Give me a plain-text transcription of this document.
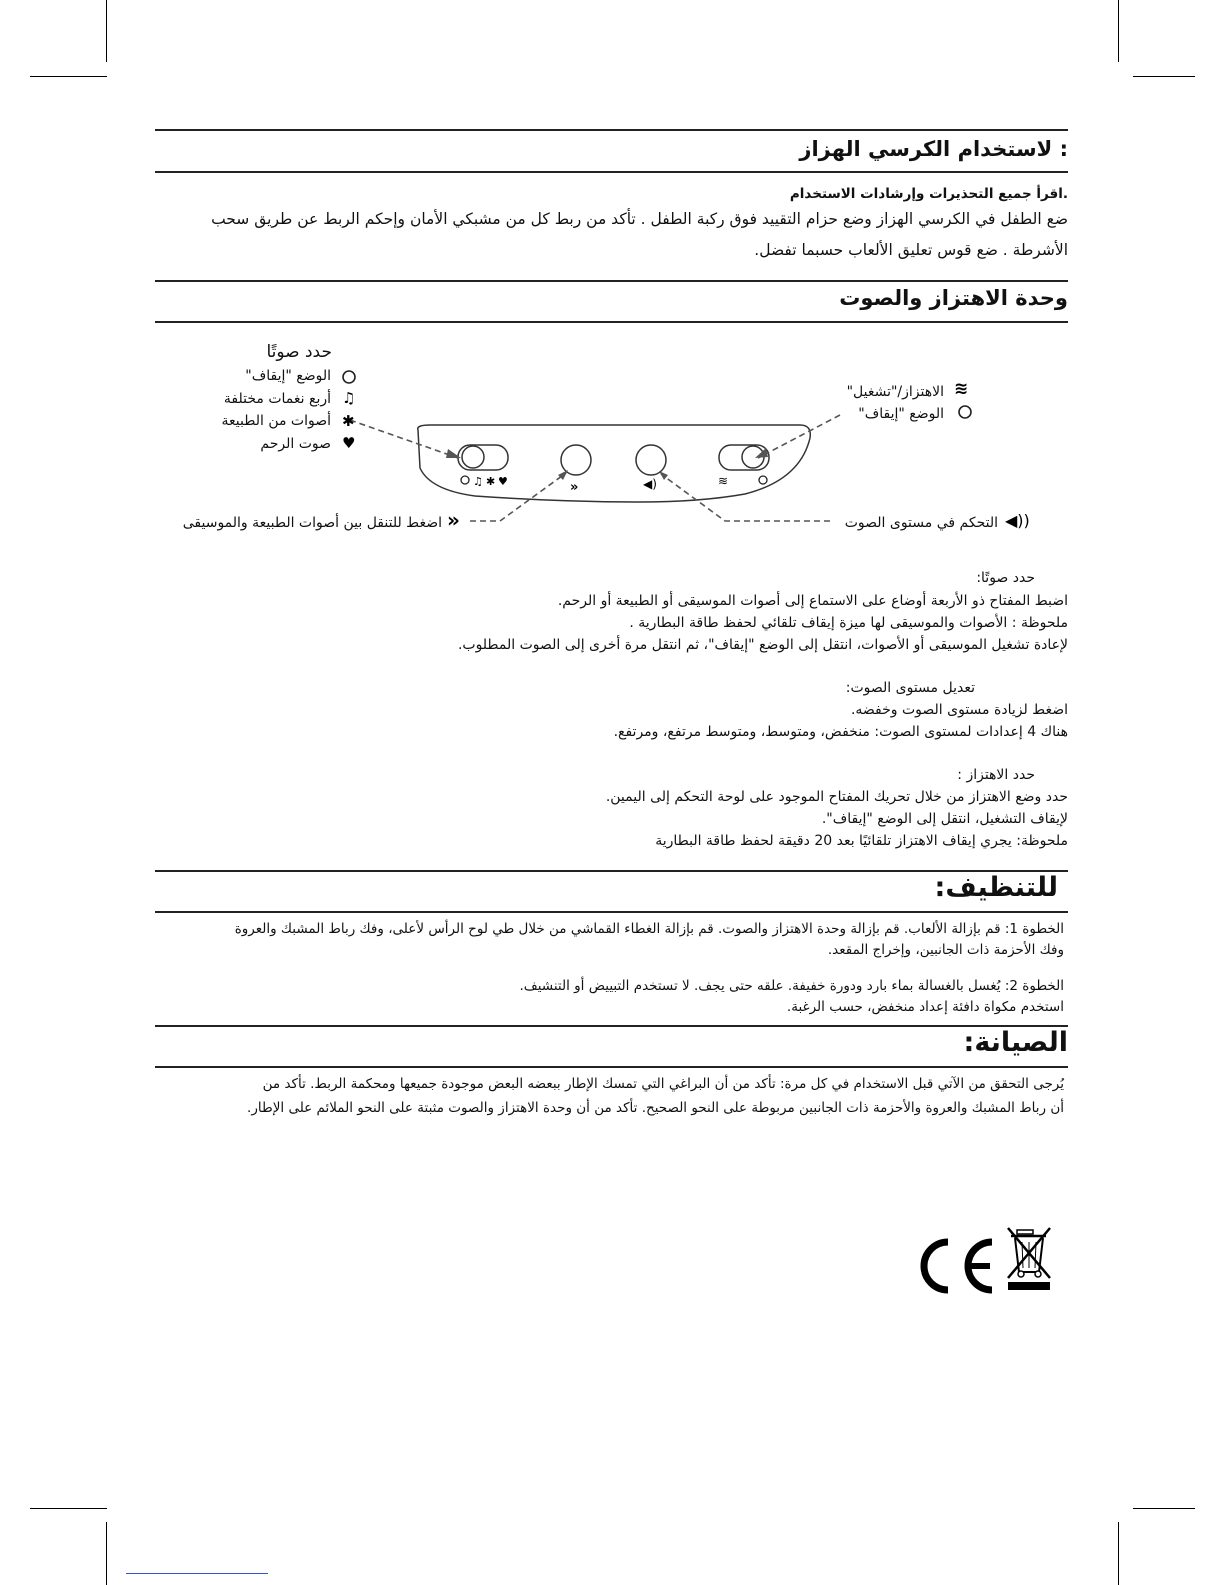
: لاستخدام الكرسي الهزاز
.اقرأ جميع التحذيرات وإرشادات الاستخدام
ضع الطفل في الكرسي الهزاز وضع حزام التقييد فوق ركبة الطفل . تأكد من ربط كل من مشبكي الأمان وإحكم الربط عن طريق سحب
الأشرطة . ضع قوس تعليق الألعاب حسبما تفضل.
وحدة الاهتزاز والصوت
♫ ✱ ♥	»	◀)	≋
♫
✱
♥
≋
»	◀))
حدد صوتًا
الوضع "إيقاف"
أربع نغمات مختلفة
أصوات من الطبيعة
صوت الرحم
الاهتزاز/"تشغيل"
الوضع "إيقاف"
اضغط للتنقل بين أصوات الطبيعة والموسيقى	التحكم في مستوى الصوت
حدد صوتًا:
اضبط المفتاح ذو الأربعة أوضاع على الاستماع إلى أصوات الموسيقى أو الطبيعة أو الرحم.
ملحوظة : الأصوات والموسيقى لها ميزة إيقاف تلقائي لحفظ طاقة البطارية .
لإعادة تشغيل الموسيقى أو الأصوات، انتقل إلى الوضع "إيقاف"، ثم انتقل مرة أخرى إلى الصوت المطلوب.
تعديل مستوى الصوت:
اضغط لزيادة مستوى الصوت وخفضه.
هناك 4 إعدادات لمستوى الصوت: منخفض، ومتوسط، ومتوسط مرتفع، ومرتفع.
حدد الاهتزاز :
حدد وضع الاهتزاز من خلال تحريك المفتاح الموجود على لوحة التحكم إلى اليمين.
لإيقاف التشغيل، انتقل إلى الوضع "إيقاف".
ملحوظة: يجري إيقاف الاهتزاز تلقائيًا بعد 20 دقيقة لحفظ طاقة البطارية
للتنظيف:
الخطوة 1: قم بإزالة الألعاب. قم بإزالة وحدة الاهتزاز والصوت. قم بإزالة الغطاء القماشي من خلال طي لوح الرأس لأعلى، وفك رباط المشبك والعروة
وفك الأحزمة ذات الجانبين، وإخراج المقعد.
الخطوة 2: يُغسل بالغسالة بماء بارد ودورة خفيفة. علقه حتى يجف. لا تستخدم التبييض أو التنشيف.
استخدم مكواة دافئة إعداد منخفض، حسب الرغبة.
الصيانة:
يُرجى التحقق من الآتي قبل الاستخدام في كل مرة: تأكد من أن البراغي التي تمسك الإطار ببعضه البعض موجودة جميعها ومحكمة الربط. تأكد من
أن رباط المشبك والعروة والأحزمة ذات الجانبين مربوطة على النحو الصحيح. تأكد من أن وحدة الاهتزاز والصوت مثبتة على النحو الملائم على الإطار.
